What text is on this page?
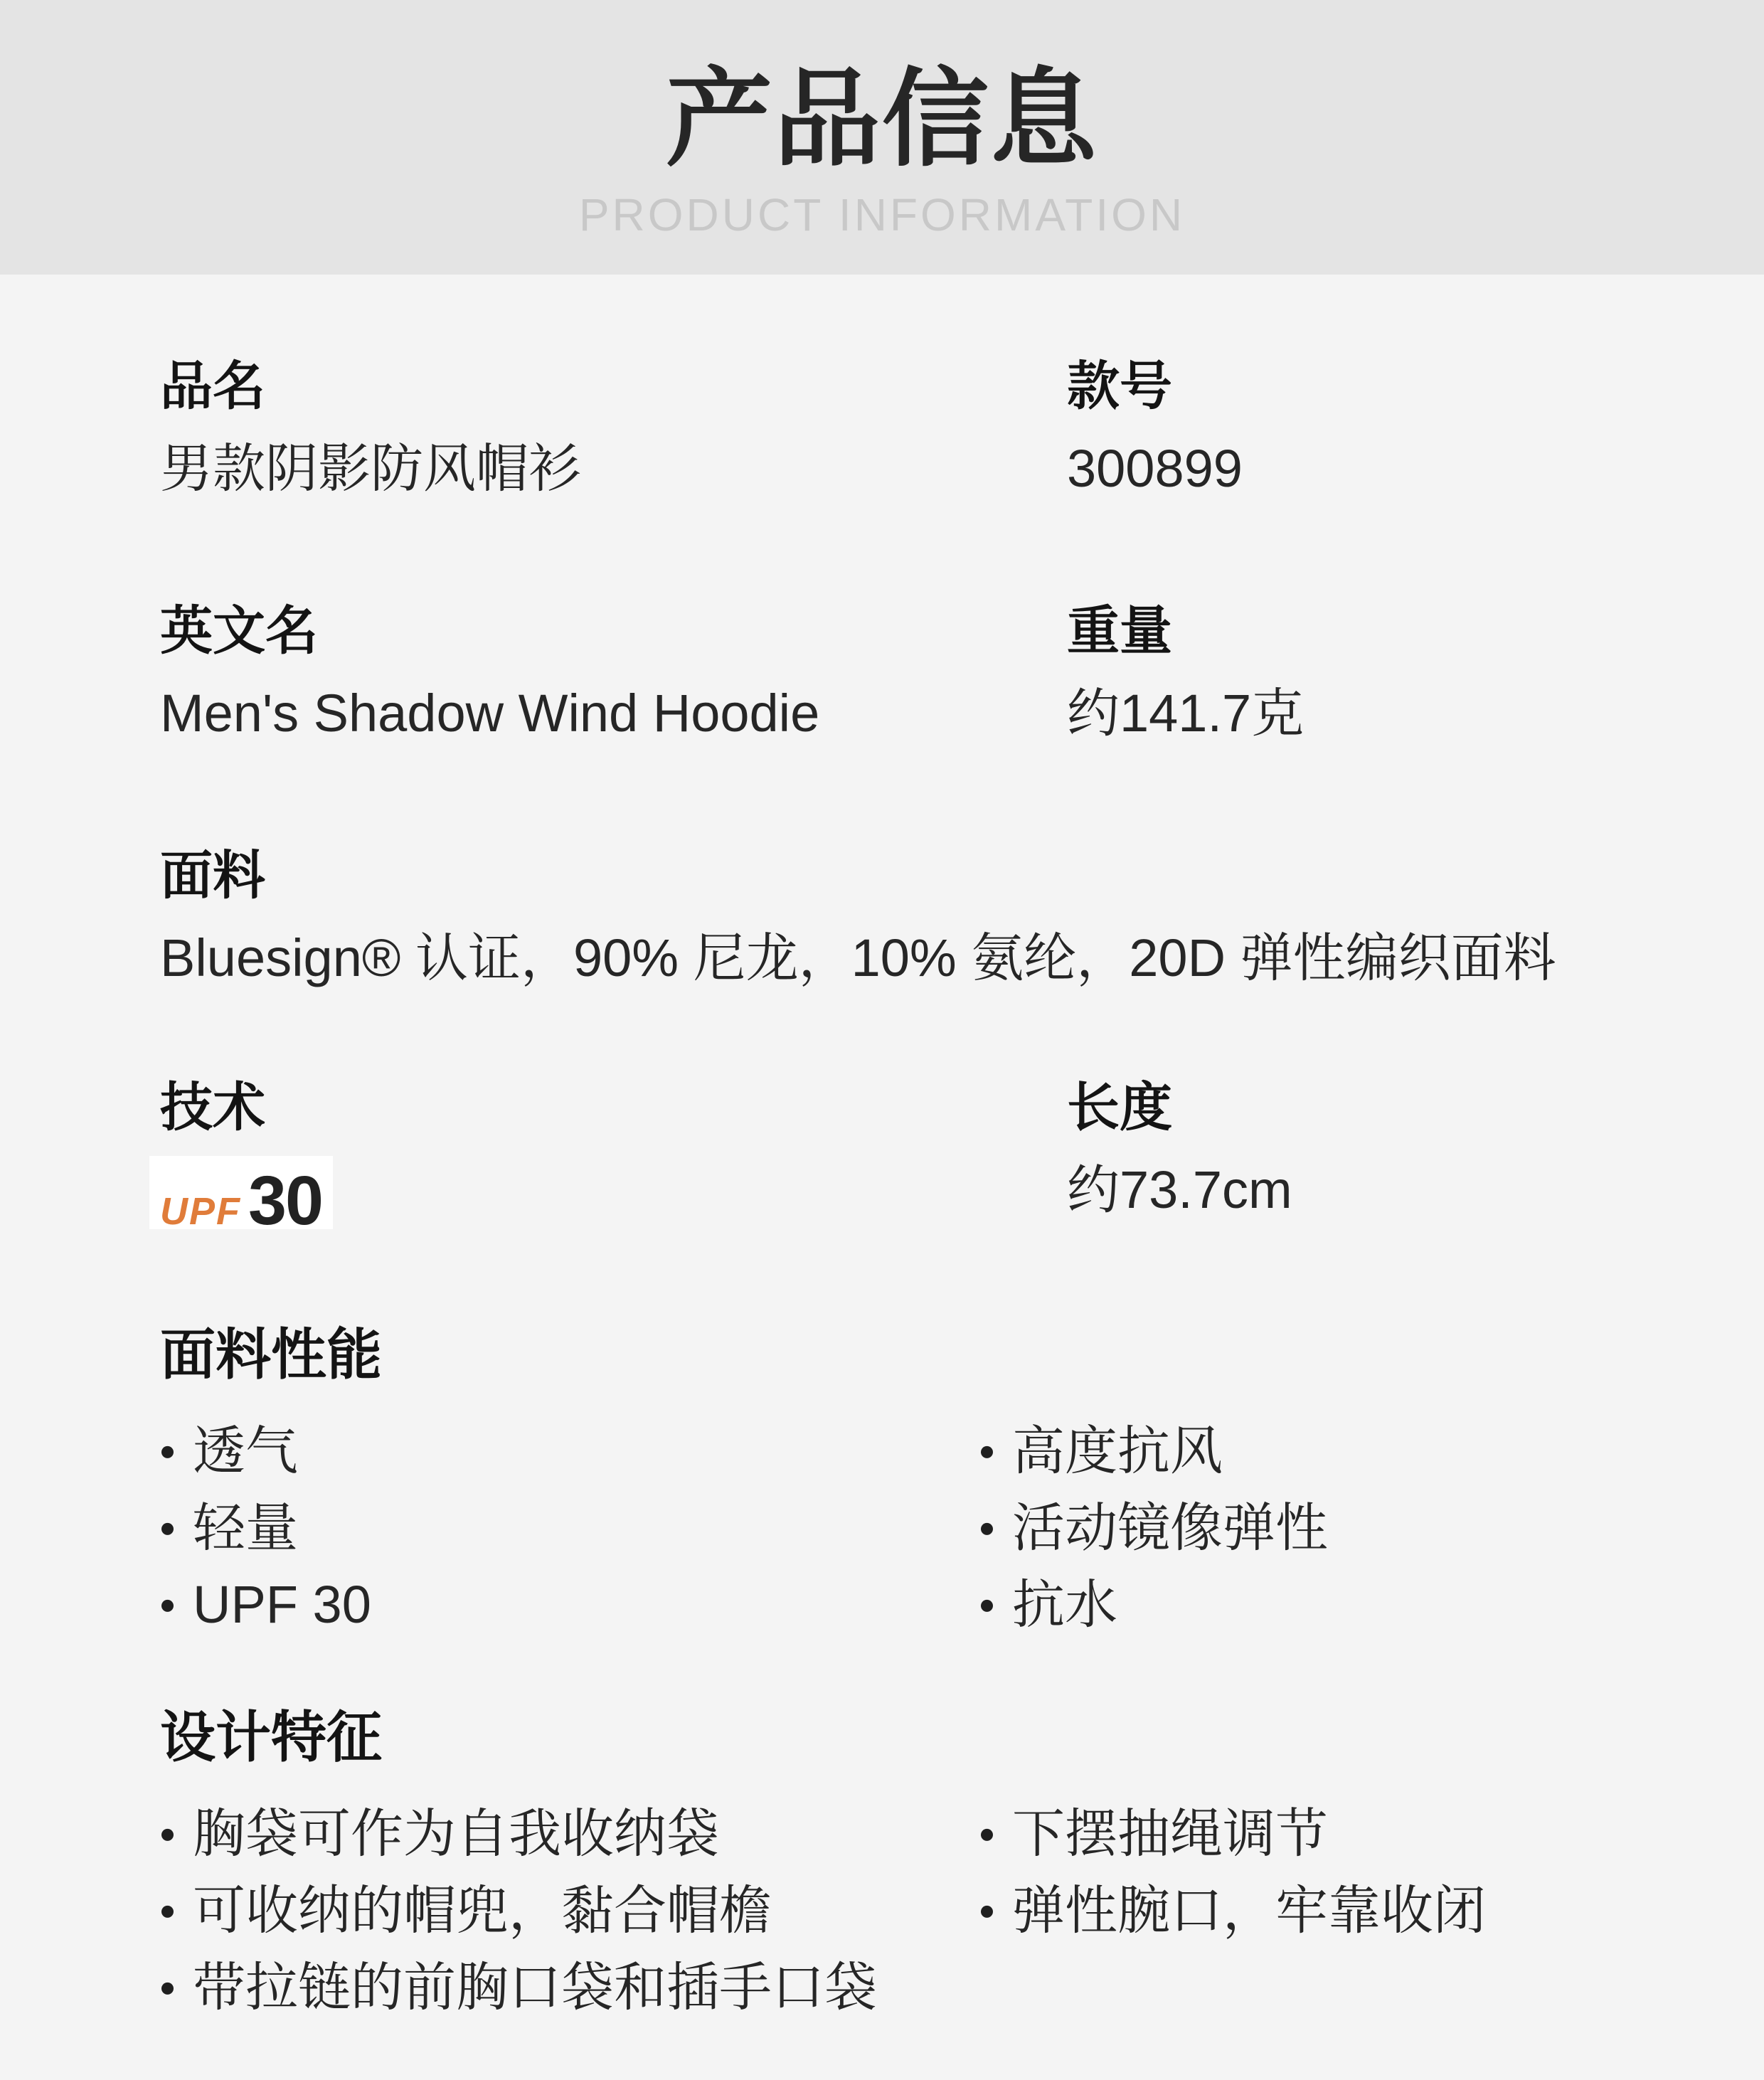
产品信息
PRODUCT INFORMATION
品名
男款阴影防风帽衫
款号
300899
英文名
Men's Shadow Wind Hoodie
重量
约141.7克
面料
Bluesign® 认证，90% 尼龙，10% 氨纶，20D 弹性编织面料
技术
UPF 30
长度
约73.7cm
面料性能
透气
轻量
UPF 30
高度抗风
活动镜像弹性
抗水
设计特征
胸袋可作为自我收纳袋
可收纳的帽兜，黏合帽檐
带拉链的前胸口袋和插手口袋
下摆抽绳调节
弹性腕口，牢靠收闭
